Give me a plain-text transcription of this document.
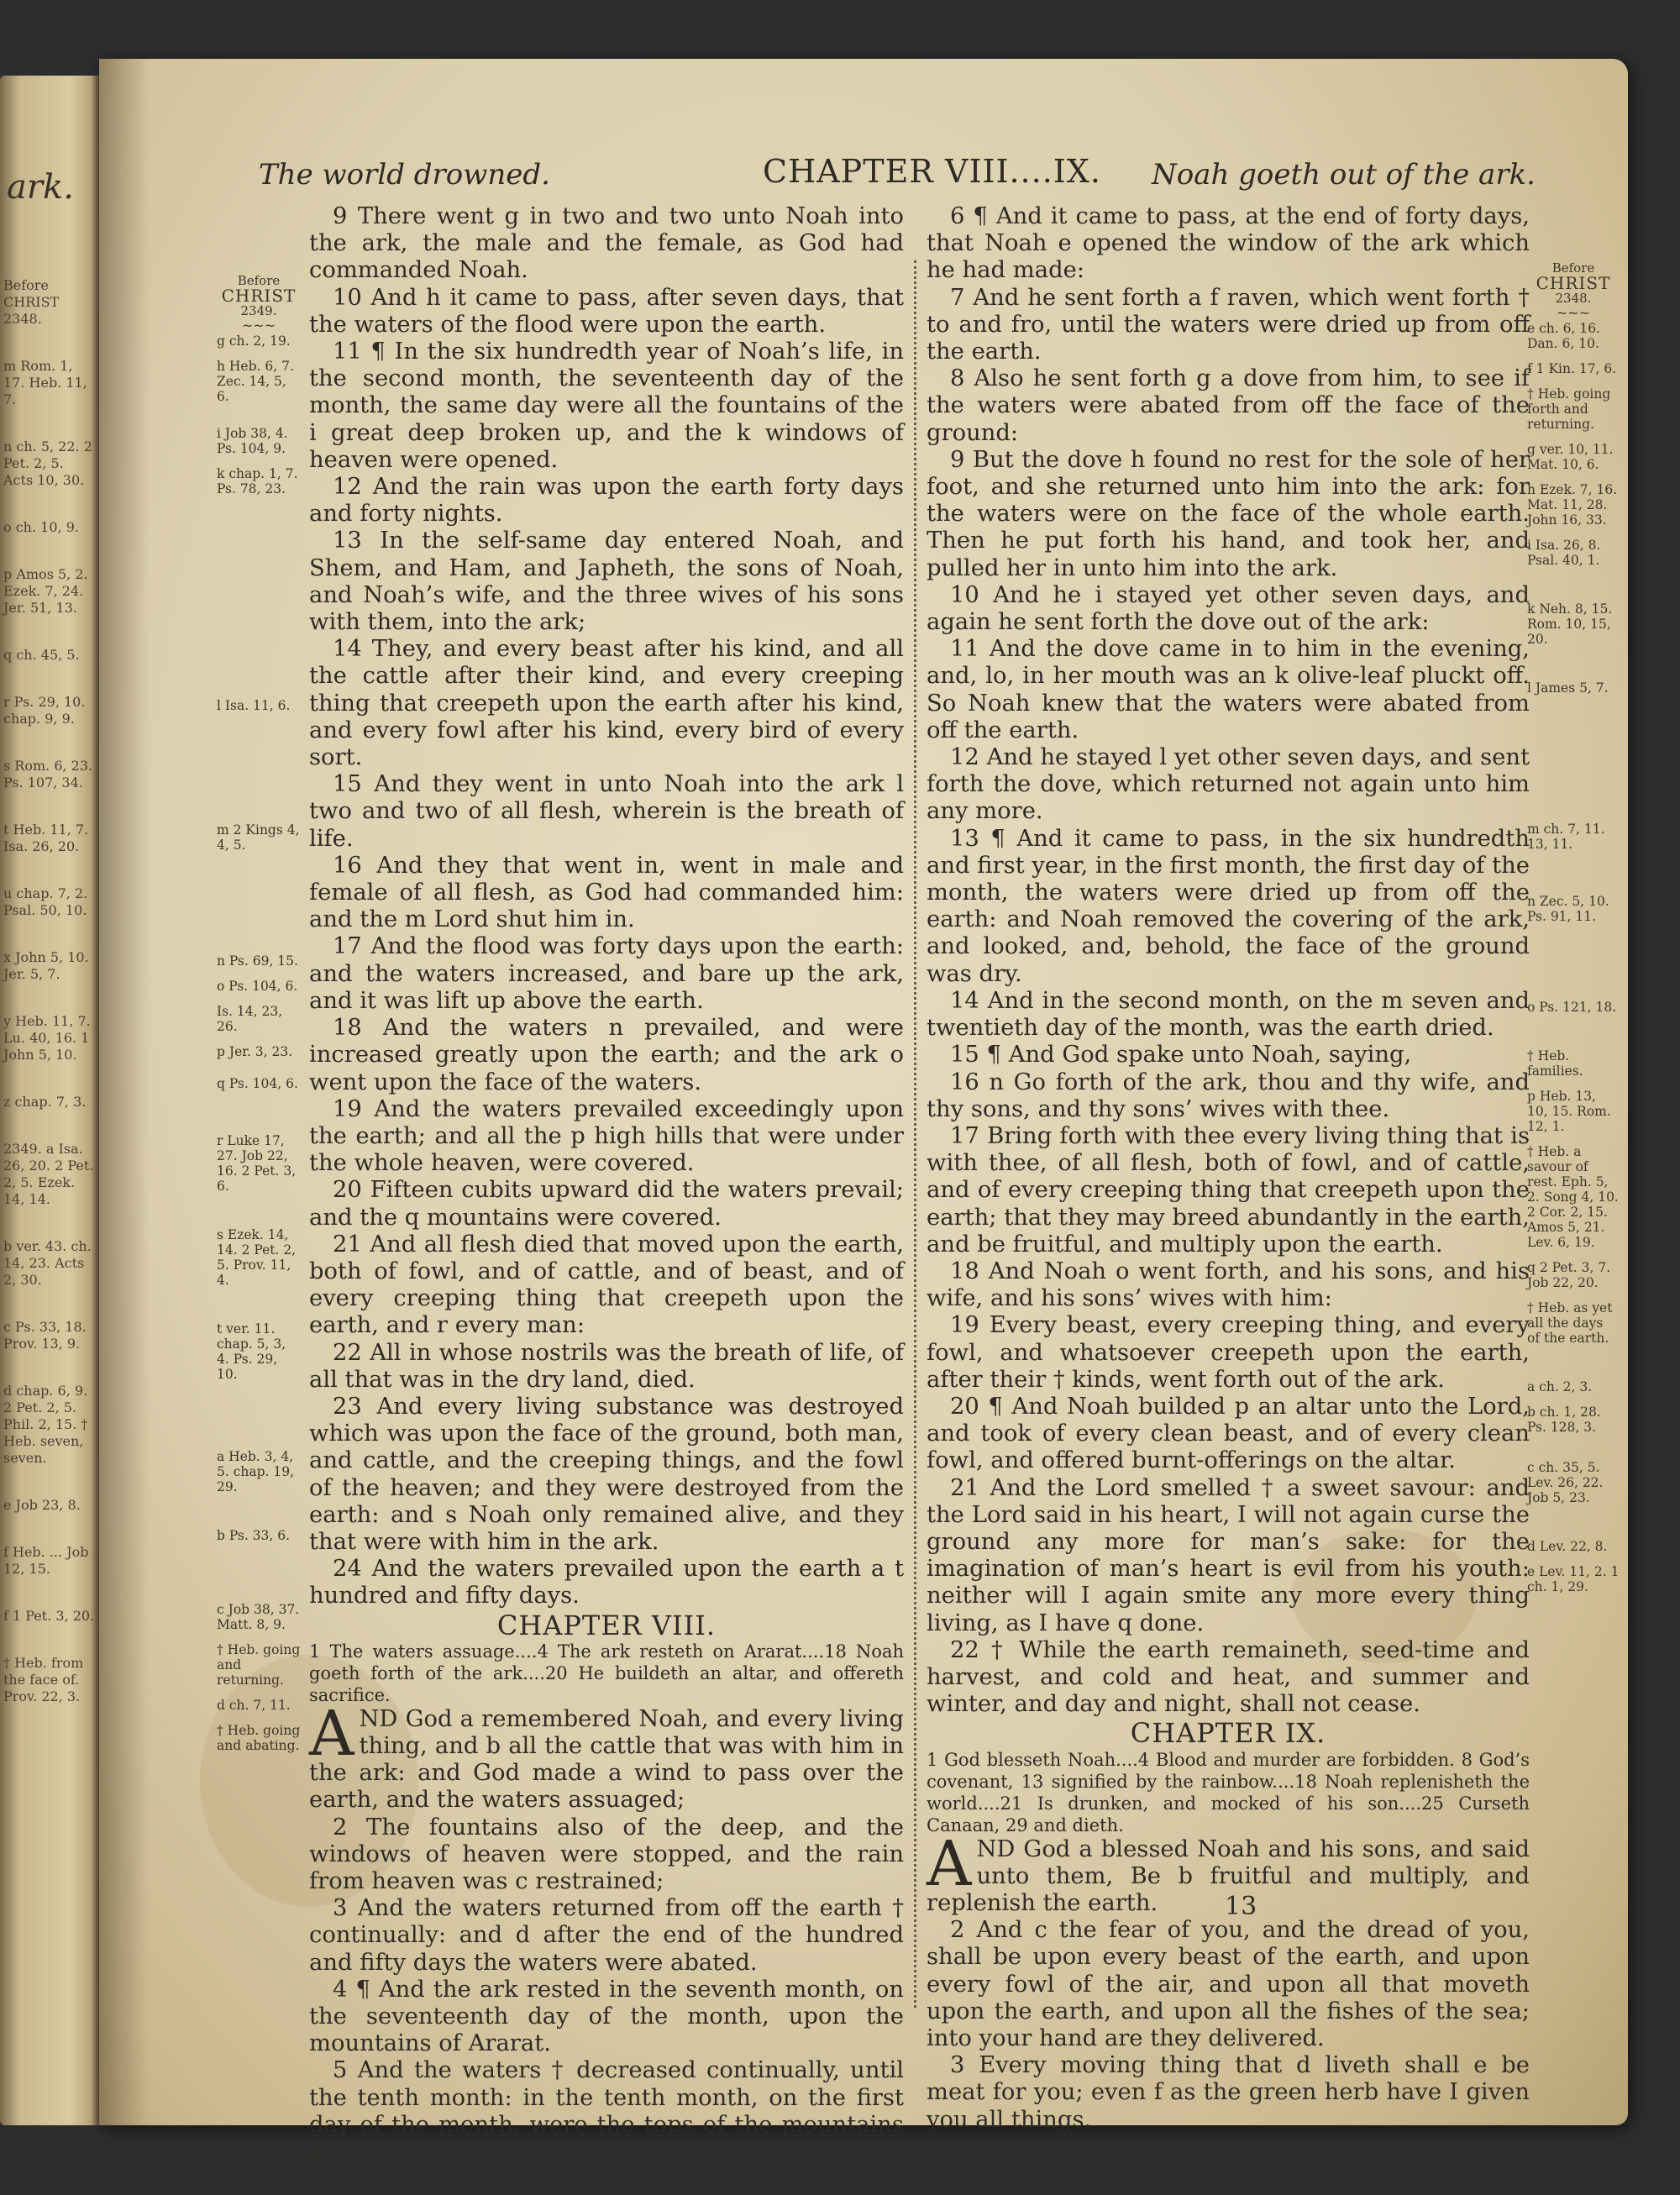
ark.
Before CHRIST 2348.
m Rom. 1, 17. Heb. 11, 7.
n ch. 5, 22. 2 Pet. 2, 5. Acts 10, 30.
o ch. 10, 9.
p Amos 5, 2. Ezek. 7, 24. Jer. 51, 13.
q ch. 45, 5.
r Ps. 29, 10. chap. 9, 9.
s Rom. 6, 23. Ps. 107, 34.
t Heb. 11, 7. Isa. 26, 20.
u chap. 7, 2. Psal. 50, 10.
x John 5, 10. Jer. 5, 7.
y Heb. 11, 7. Lu. 40, 16. 1 John 5, 10.
z chap. 7, 3.
2349. a Isa. 26, 20. 2 Pet. 2, 5. Ezek. 14, 14.
b ver. 43. ch. 14, 23. Acts 2, 30.
c Ps. 33, 18. Prov. 13, 9.
d chap. 6, 9. 2 Pet. 2, 5. Phil. 2, 15. † Heb. seven, seven.
e Job 23, 8.
f Heb. ... Job 12, 15.
f 1 Pet. 3, 20.
† Heb. from the face of. Prov. 22, 3.
The world drowned.	CHAPTER VIII....IX. Noah goeth out of the ark.
Before
CHRIST
2349.
~~~
g ch. 2, 19.
h Heb. 6, 7. Zec. 14, 5, 6.
i Job 38, 4. Ps. 104, 9.
k chap. 1, 7. Ps. 78, 23.
l Isa. 11, 6.
m 2 Kings 4, 4, 5.
n Ps. 69, 15.
o Ps. 104, 6.
Is. 14, 23, 26.
p Jer. 3, 23.
q Ps. 104, 6.
r Luke 17, 27. Job 22, 16. 2 Pet. 3, 6.
s Ezek. 14, 14. 2 Pet. 2, 5. Prov. 11, 4.
t ver. 11. chap. 5, 3, 4. Ps. 29, 10.
a Heb. 3, 4, 5. chap. 19, 29.
b Ps. 33, 6.
c Job 38, 37. Matt. 8, 9.
† Heb. going and returning.
d ch. 7, 11.
† Heb. going and abating.

9 There went g in two and two unto Noah into the ark, the male and the female, as God had commanded Noah.

10 And h it came to pass, after seven days, that the waters of the flood were upon the earth.

11 ¶ In the six hundredth year of Noah’s life, in the second month, the seventeenth day of the month, the same day were all the fountains of the i great deep broken up, and the k windows of heaven were opened.

12 And the rain was upon the earth forty days and forty nights.

13 In the self-same day entered Noah, and Shem, and Ham, and Japheth, the sons of Noah, and Noah’s wife, and the three wives of his sons with them, into the ark;

14 They, and every beast after his kind, and all the cattle after their kind, and every creeping thing that creepeth upon the earth after his kind, and every fowl after his kind, every bird of every sort.

15 And they went in unto Noah into the ark l two and two of all flesh, wherein is the breath of life.

16 And they that went in, went in male and female of all flesh, as God had commanded him: and the m Lord shut him in.

17 And the flood was forty days upon the earth: and the waters increased, and bare up the ark, and it was lift up above the earth.

18 And the waters n prevailed, and were increased greatly upon the earth; and the ark o went upon the face of the waters.

19 And the waters prevailed exceedingly upon the earth; and all the p high hills that were under the whole heaven, were covered.

20 Fifteen cubits upward did the waters prevail; and the q mountains were covered.

21 And all flesh died that moved upon the earth, both of fowl, and of cattle, and of beast, and of every creeping thing that creepeth upon the earth, and r every man:

22 All in whose nostrils was the breath of life, of all that was in the dry land, died.

23 And every living substance was destroyed which was upon the face of the ground, both man, and cattle, and the creeping things, and the fowl of the heaven; and they were destroyed from the earth: and s Noah only remained alive, and they that were with him in the ark.

24 And the waters prevailed upon the earth a t hundred and fifty days.

CHAPTER VIII.

1 The waters assuage....4 The ark resteth on Ararat....18 Noah goeth forth of the ark....20 He buildeth an altar, and offereth sacrifice.

AND God a remembered Noah, and every living thing, and b all the cattle that was with him in the ark: and God made a wind to pass over the earth, and the waters assuaged;

2 The fountains also of the deep, and the windows of heaven were stopped, and the rain from heaven was c restrained;

3 And the waters returned from off the earth † continually: and d after the end of the hundred and fifty days the waters were abated.

4 ¶ And the ark rested in the seventh month, on the seventeenth day of the month, upon the mountains of Ararat.

5 And the waters † decreased continually, until the tenth month: in the tenth month, on the first day of the month, were the tops of the mountains seen.

6 ¶ And it came to pass, at the end of forty days, that Noah e opened the window of the ark which he had made:

7 And he sent forth a f raven, which went forth † to and fro, until the waters were dried up from off the earth.

8 Also he sent forth g a dove from him, to see if the waters were abated from off the face of the ground:

9 But the dove h found no rest for the sole of her foot, and she returned unto him into the ark: for the waters were on the face of the whole earth. Then he put forth his hand, and took her, and pulled her in unto him into the ark.

10 And he i stayed yet other seven days, and again he sent forth the dove out of the ark:

11 And the dove came in to him in the evening, and, lo, in her mouth was an k olive-leaf pluckt off. So Noah knew that the waters were abated from off the earth.

12 And he stayed l yet other seven days, and sent forth the dove, which returned not again unto him any more.

13 ¶ And it came to pass, in the six hundredth and first year, in the first month, the first day of the month, the waters were dried up from off the earth: and Noah removed the covering of the ark, and looked, and, behold, the face of the ground was dry.

14 And in the second month, on the m seven and twentieth day of the month, was the earth dried.

15 ¶ And God spake unto Noah, saying,

16 n Go forth of the ark, thou and thy wife, and thy sons, and thy sons’ wives with thee.

17 Bring forth with thee every living thing that is with thee, of all flesh, both of fowl, and of cattle, and of every creeping thing that creepeth upon the earth; that they may breed abundantly in the earth, and be fruitful, and multiply upon the earth.

18 And Noah o went forth, and his sons, and his wife, and his sons’ wives with him:

19 Every beast, every creeping thing, and every fowl, and whatsoever creepeth upon the earth, after their † kinds, went forth out of the ark.

20 ¶ And Noah builded p an altar unto the Lord, and took of every clean beast, and of every clean fowl, and offered burnt-offerings on the altar.

21 And the Lord smelled † a sweet savour: and the Lord said in his heart, I will not again curse the ground any more for man’s sake: for the imagination of man’s heart is evil from his youth: neither will I again smite any more every thing living, as I have q done.

22 † While the earth remaineth, seed-time and harvest, and cold and heat, and summer and winter, and day and night, shall not cease.

CHAPTER IX.

1 God blesseth Noah....4 Blood and murder are forbidden. 8 God’s covenant, 13 signified by the rainbow....18 Noah replenisheth the world....21 Is drunken, and mocked of his son....25 Curseth Canaan, 29 and dieth.

AND God a blessed Noah and his sons, and said unto them, Be b fruitful and multiply, and replenish the earth.

2 And c the fear of you, and the dread of you, shall be upon every beast of the earth, and upon every fowl of the air, and upon all that moveth upon the earth, and upon all the fishes of the sea; into your hand are they delivered.

3 Every moving thing that d liveth shall e be meat for you; even f as the green herb have I given you all things.

Before
CHRIST
2348.
~~~
e ch. 6, 16. Dan. 6, 10.
f 1 Kin. 17, 6.
† Heb. going forth and returning.
g ver. 10, 11. Mat. 10, 6.
h Ezek. 7, 16. Mat. 11, 28. John 16, 33.
i Isa. 26, 8. Psal. 40, 1.
k Neh. 8, 15. Rom. 10, 15, 20.
l James 5, 7.
m ch. 7, 11. 13, 11.
n Zec. 5, 10. Ps. 91, 11.
o Ps. 121, 18.
† Heb. families.
p Heb. 13, 10, 15. Rom. 12, 1.
† Heb. a savour of rest. Eph. 5, 2. Song 4, 10. 2 Cor. 2, 15. Amos 5, 21. Lev. 6, 19.
q 2 Pet. 3, 7. Job 22, 20.
† Heb. as yet all the days of the earth.
a ch. 2, 3.
b ch. 1, 28. Ps. 128, 3.
c ch. 35, 5. Lev. 26, 22. Job 5, 23.
d Lev. 22, 8.
e Lev. 11, 2. 1 ch. 1, 29.
13
